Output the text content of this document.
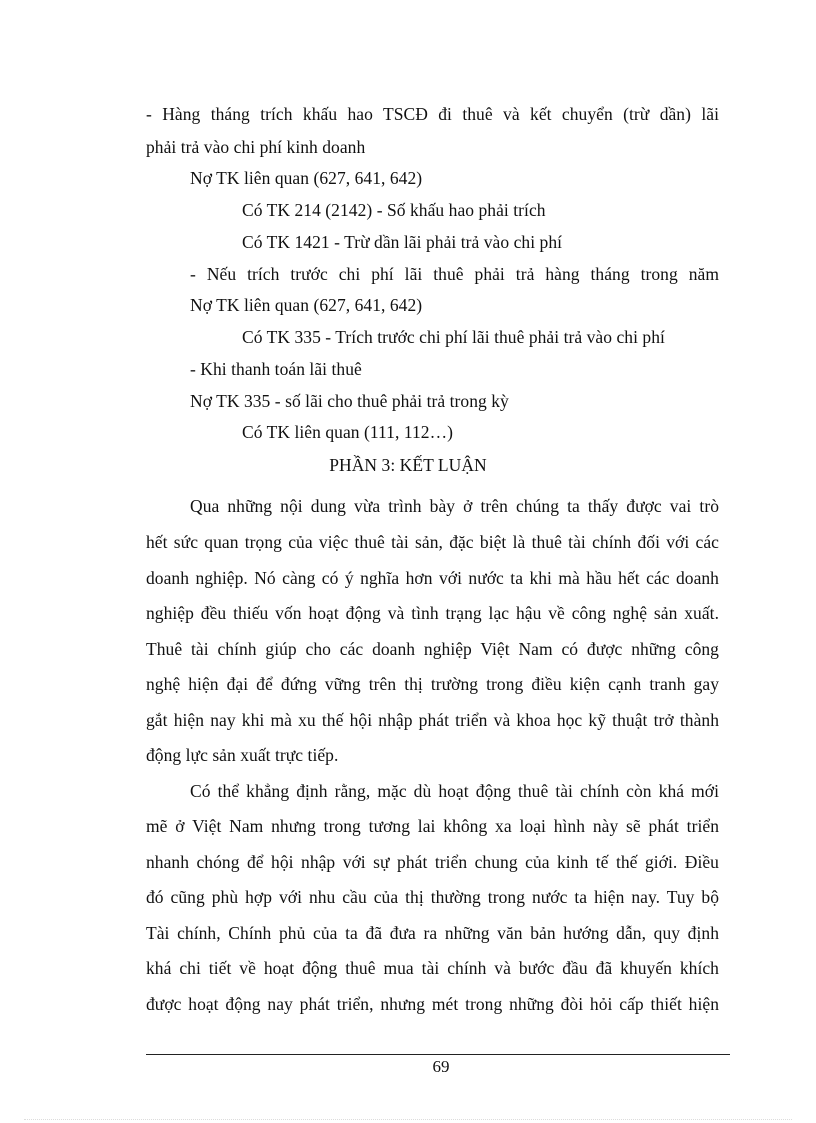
- Hàng tháng trích khấu hao TSCĐ đi thuê và kết chuyển (trừ dần) lãi
phải trả vào chi phí kinh doanh
Nợ TK liên quan (627, 641, 642)
Có TK 214 (2142) - Số khấu hao phải trích
Có TK 1421 - Trừ dần lãi phải trả vào chi phí
- Nếu trích trước chi phí lãi thuê phải trả hàng tháng trong năm
Nợ TK liên quan (627, 641, 642)
Có TK 335 - Trích trước chi phí lãi thuê phải trả vào chi phí
- Khi thanh toán lãi thuê
Nợ TK 335 - số lãi cho thuê phải trả trong kỳ
Có TK liên quan (111, 112…)
PHẦN 3: KẾT LUẬN
Qua những nội dung vừa trình bày ở trên chúng ta thấy được vai trò
hết sức quan trọng của việc thuê tài sản, đặc biệt là thuê tài chính đối với các
doanh nghiệp. Nó càng có ý nghĩa hơn với nước ta khi mà hầu hết các doanh
nghiệp đều thiếu vốn hoạt động và tình trạng lạc hậu về công nghệ sản xuất.
Thuê tài chính giúp cho các doanh nghiệp Việt Nam có được những công
nghệ hiện đại để đứng vững trên thị trường trong điều kiện cạnh tranh gay
gắt hiện nay khi mà xu thế hội nhập phát triển và khoa học kỹ thuật trở thành
động lực sản xuất trực tiếp.
Có thể khẳng định rằng, mặc dù hoạt động thuê tài chính còn khá mới
mẽ ở Việt Nam nhưng trong tương lai không xa loại hình này sẽ phát triển
nhanh chóng để hội nhập với sự phát triển chung của kinh tế thế giới. Điều
đó cũng phù hợp với nhu cầu của thị thường trong nước ta hiện nay. Tuy bộ
Tài chính, Chính phủ của ta đã đưa ra những văn bản hướng dẫn, quy định
khá chi tiết về hoạt động thuê mua tài chính và bước đầu đã khuyến khích
được hoạt động nay phát triển, nhưng mét trong những đòi hỏi cấp thiết hiện
69
